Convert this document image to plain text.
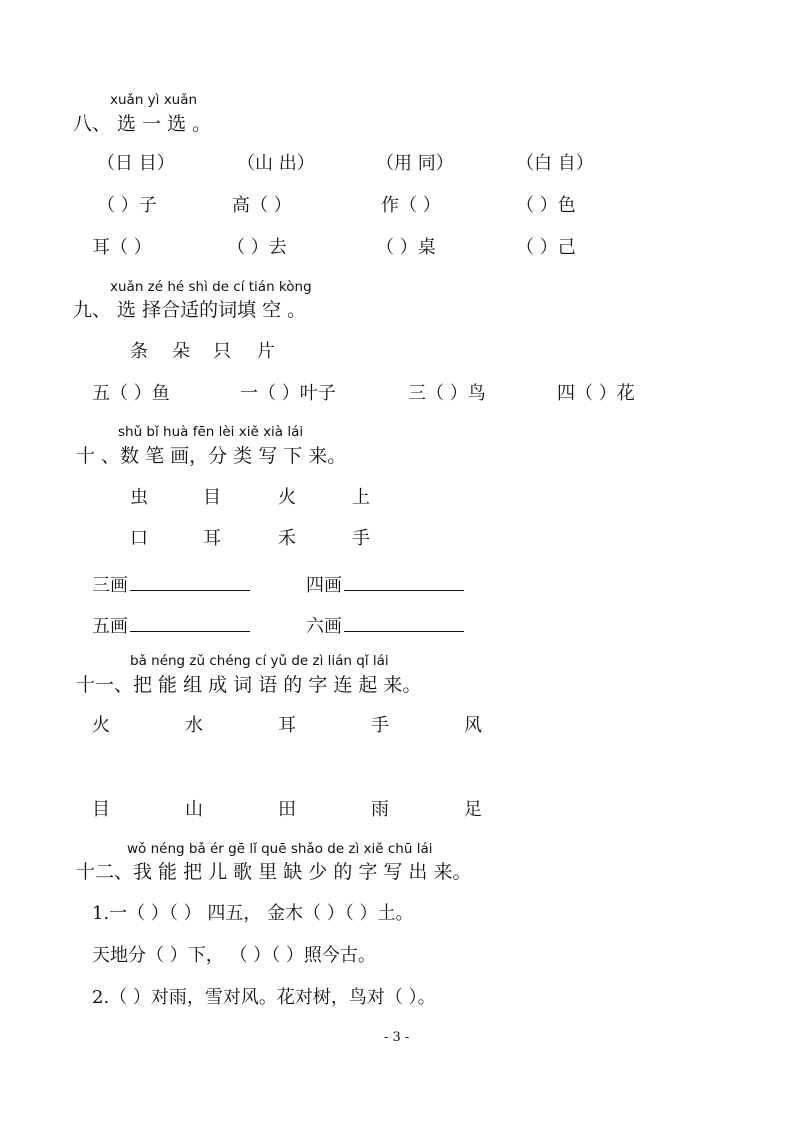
xuǎn yì xuǎn
八、 选 一 选 。
（日 目）	（山 出）	（用 同）	（白 自）
（ ）子	高（ ）	作（ ）	（ ）色
耳（ ）	（ ）去	（ ）桌	（ ）己
xuǎn zé hé shì de cí tián kòng
九、 选 择合适的词填 空 。
条 朵 只 片
五（ ）鱼	一（ ）叶子	三（ ）鸟	四（ ）花
shǔ bǐ huà fēn lèi xiě xià lái
十 、数 笔 画，分 类 写 下 来。
虫	目	火	上
口	耳	禾	手
三画	四画
五画	六画
bǎ néng zǔ chéng cí yǔ de zì lián qǐ lái
十一、把 能 组 成 词 语 的 字 连 起 来。
火	水	耳	手	风
目	山	田	雨	足
wǒ néng bǎ ér gē lǐ quē shǎo de zì xiě chū lái
十二、我 能 把 儿 歌 里 缺 少 的 字 写 出 来。
1.一（ ）（ ） 四五， 金木（ ）（ ）土。
天地分（ ）下， （ ）（ ）照今古。
2.（ ）对雨，雪对风。花对树，鸟对（ ）。
- 3 -
